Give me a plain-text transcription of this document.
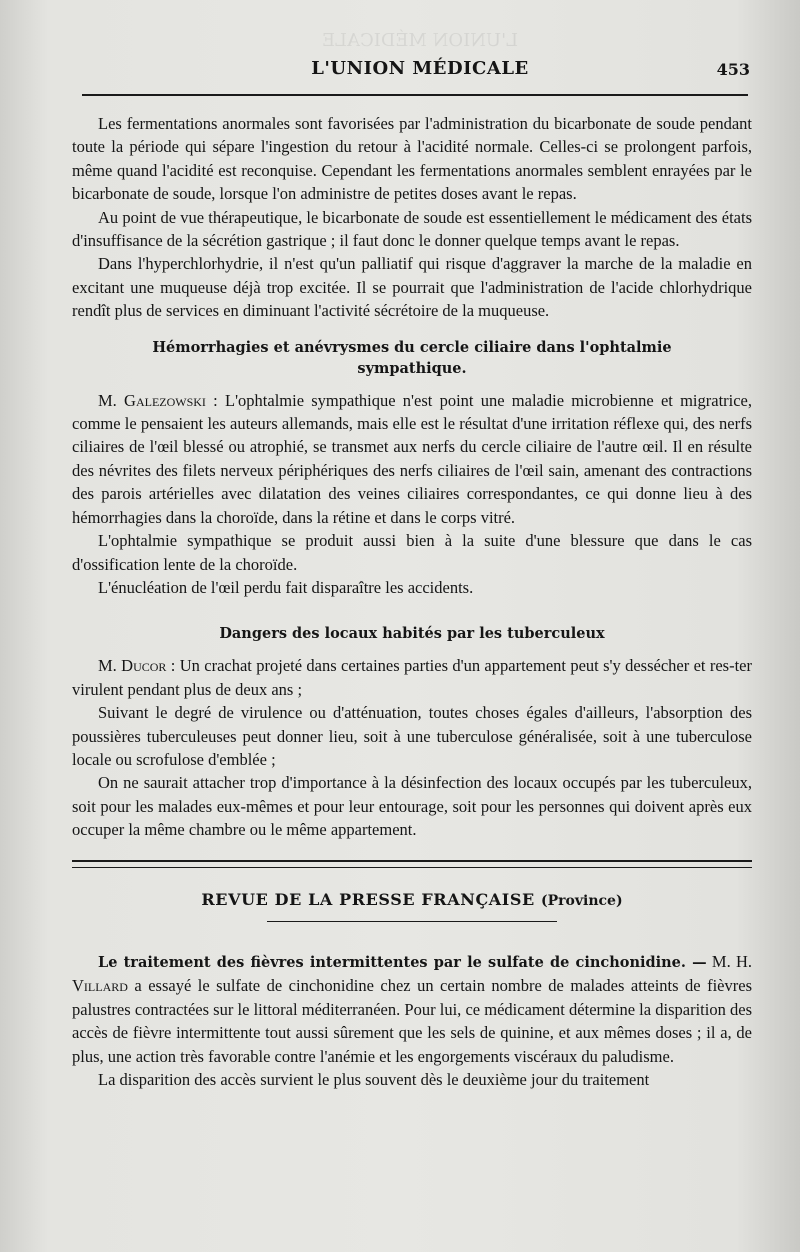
L'UNION MÉDICALE
L'UNION MÉDICALE	453

Les fermentations anormales sont favorisées par l'administration du bicarbonate de soude pendant toute la période qui sépare l'ingestion du retour à l'acidité normale. Celles-ci se prolongent parfois, même quand l'acidité est reconquise. Cependant les fermentations anormales semblent enrayées par le bicarbonate de soude, lorsque l'on administre de petites doses avant le repas.

Au point de vue thérapeutique, le bicarbonate de soude est essentiellement le médicament des états d'insuffisance de la sécrétion gastrique ; il faut donc le donner quelque temps avant le repas.

Dans l'hyperchlorhydrie, il n'est qu'un palliatif qui risque d'aggraver la marche de la maladie en excitant une muqueuse déjà trop excitée. Il se pourrait que l'administration de l'acide chlorhydrique rendît plus de services en diminuant l'activité sécrétoire de la muqueuse.

Hémorrhagies et anévrysmes du cercle ciliaire dans l'ophtalmie sympathique.

M. Galezowski : L'ophtalmie sympathique n'est point une maladie microbienne et migratrice, comme le pensaient les auteurs allemands, mais elle est le résultat d'une irritation réflexe qui, des nerfs ciliaires de l'œil blessé ou atrophié, se transmet aux nerfs du cercle ciliaire de l'autre œil. Il en résulte des névrites des filets nerveux périphériques des nerfs ciliaires de l'œil sain, amenant des contractions des parois artérielles avec dilatation des veines ciliaires correspondantes, ce qui donne lieu à des hémorrhagies dans la choroïde, dans la rétine et dans le corps vitré.

L'ophtalmie sympathique se produit aussi bien à la suite d'une blessure que dans le cas d'ossification lente de la choroïde.

L'énucléation de l'œil perdu fait disparaître les accidents.

Dangers des locaux habités par les tuberculeux

M. Ducor : Un crachat projeté dans certaines parties d'un appartement peut s'y dessécher et res-ter virulent pendant plus de deux ans ;

Suivant le degré de virulence ou d'atténuation, toutes choses égales d'ailleurs, l'absorption des poussières tuberculeuses peut donner lieu, soit à une tuberculose généralisée, soit à une tuberculose locale ou scrofulose d'emblée ;

On ne saurait attacher trop d'importance à la désinfection des locaux occupés par les tuberculeux, soit pour les malades eux-mêmes et pour leur entourage, soit pour les personnes qui doivent après eux occuper la même chambre ou le même appartement.

REVUE DE LA PRESSE FRANÇAISE (Province)

Le traitement des fièvres intermittentes par le sulfate de cinchonidine. — M. H. Villard a essayé le sulfate de cinchonidine chez un certain nombre de malades atteints de fièvres palustres contractées sur le littoral méditerranéen. Pour lui, ce médicament détermine la disparition des accès de fièvre intermittente tout aussi sûrement que les sels de quinine, et aux mêmes doses ; il a, de plus, une action très favorable contre l'anémie et les engorgements viscéraux du paludisme.

La disparition des accès survient le plus souvent dès le deuxième jour du traitement
